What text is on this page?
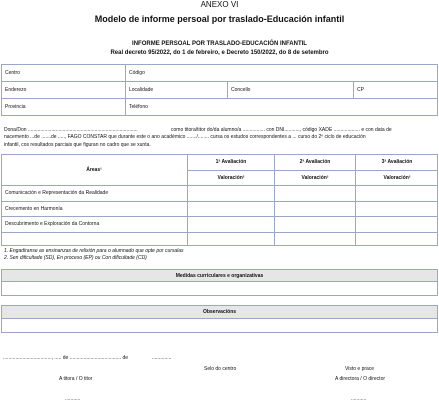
ANEXO VI
Modelo de informe persoal por traslado-Educación infantil
INFORME PERSOAL POR TRASLADO-EDUCACIÓN INFANTIL
Real decreto 95/2022, do 1 de febreiro, e Decreto 150/2022, do 8 de setembro
Centro	Código
Enderezo	Localidade	Concello	CP
Provincia	Teléfono
Dona/Don ...............................................................................	como titora/titor do/da alumno/a ................ con DNI..........., código XADE ................... e con data de
nacemento ...de .......de ....., FAGO CONSTAR que durante este o ano académico ......./........ cursa os estudos correspondentes a ... curso do 2º ciclo de educación
infantil, cos resultados parciais que figuran no cadro que se xunta.
Áreas¹
1ª Avaliación	2ª Avaliación	3ª Avaliación
Valoración²	Valoración²	Valoración²
Comunicación e Representación da Realidade
Crecemento en Harmonía
Descubrimento e Exploración da Contorna
1. Engadiranse as ensinanzas de relixión para o alumnado que opte por cursalas
2. Sen dificultade (SD), En proceso (EP) ou Con dificultade (CD)
Medidas curriculares e organizativas
Observacións
..................................., ..... de ..................................... de	..............
Selo do centro	Visto e prace
A titora / O titor	A directora / O director
...........	...........
